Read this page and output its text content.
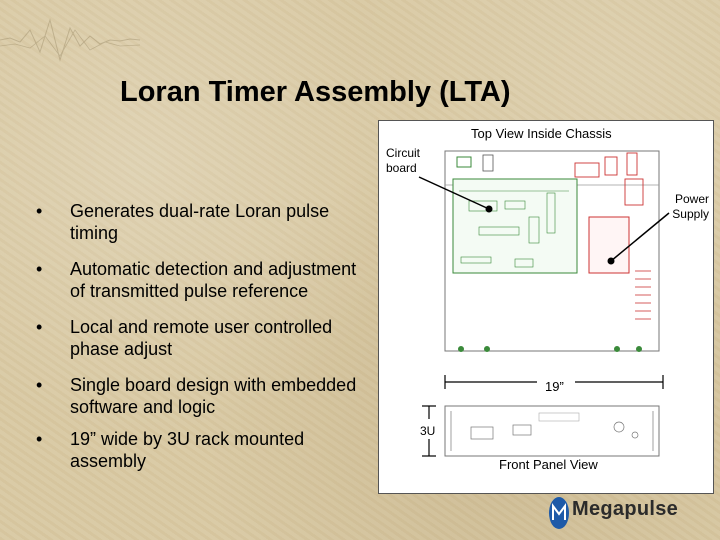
Loran Timer Assembly (LTA)
• Generates dual-rate Loran pulse timing
• Automatic detection and adjustment of transmitted pulse reference
• Local and remote user controlled phase adjust
• Single board design with embedded software and logic
• 19” wide by 3U rack mounted assembly
Top View Inside Chassis
Circuit board
Power Supply
19”
3U
Front Panel View
Megapulse
